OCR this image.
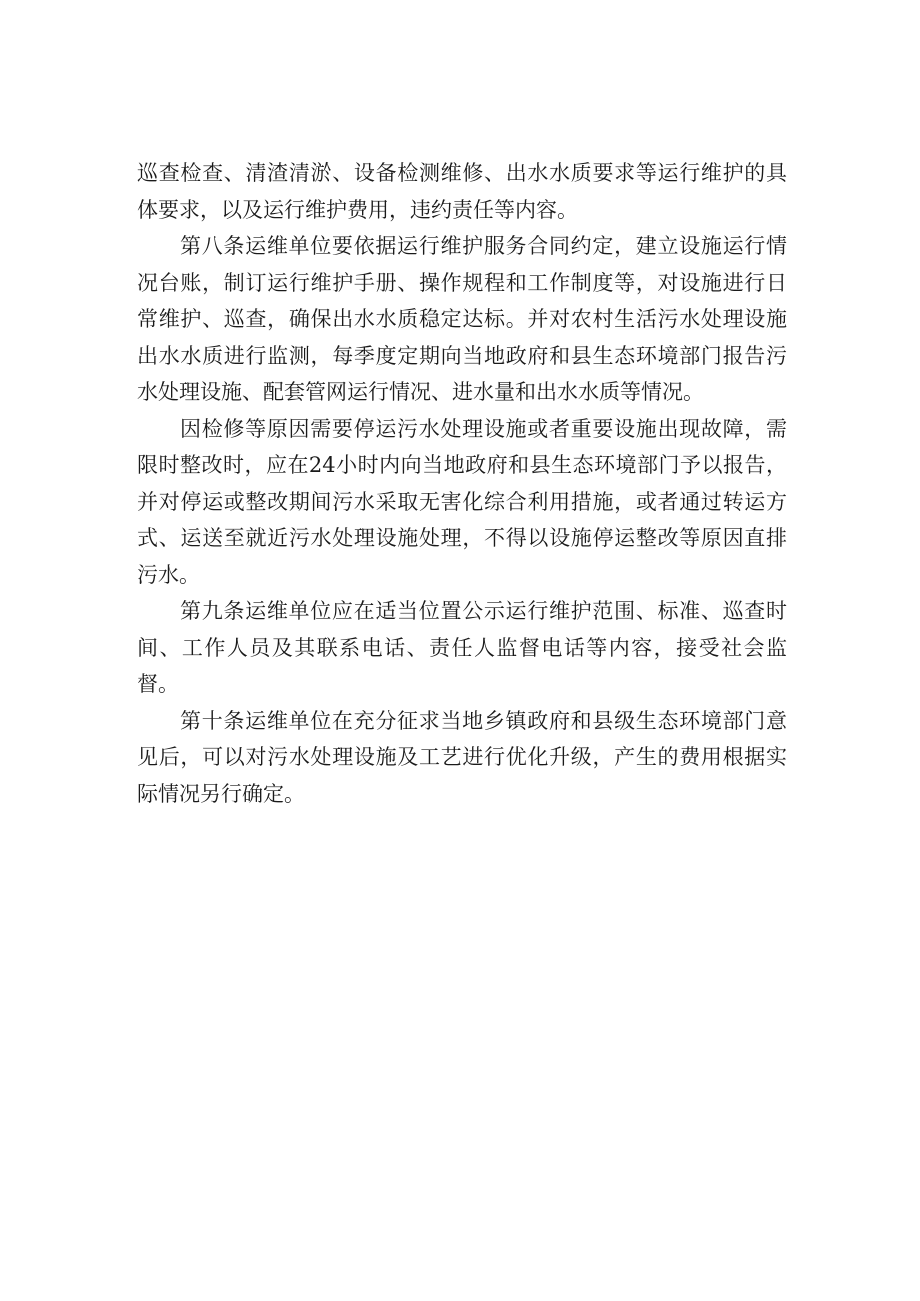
巡查检查、清渣清淤、设备检测维修、出水水质要求等运行维护的具体要求，以及运行维护费用，违约责任等内容。

第八条运维单位要依据运行维护服务合同约定，建立设施运行情况台账，制订运行维护手册、操作规程和工作制度等，对设施进行日常维护、巡查，确保出水水质稳定达标。并对农村生活污水处理设施出水水质进行监测，每季度定期向当地政府和县生态环境部门报告污水处理设施、配套管网运行情况、进水量和出水水质等情况。

因检修等原因需要停运污水处理设施或者重要设施出现故障，需限时整改时，应在24小时内向当地政府和县生态环境部门予以报告，并对停运或整改期间污水采取无害化综合利用措施，或者通过转运方式、运送至就近污水处理设施处理，不得以设施停运整改等原因直排污水。

第九条运维单位应在适当位置公示运行维护范围、标准、巡查时间、工作人员及其联系电话、责任人监督电话等内容，接受社会监督。

第十条运维单位在充分征求当地乡镇政府和县级生态环境部门意见后，可以对污水处理设施及工艺进行优化升级，产生的费用根据实际情况另行确定。
